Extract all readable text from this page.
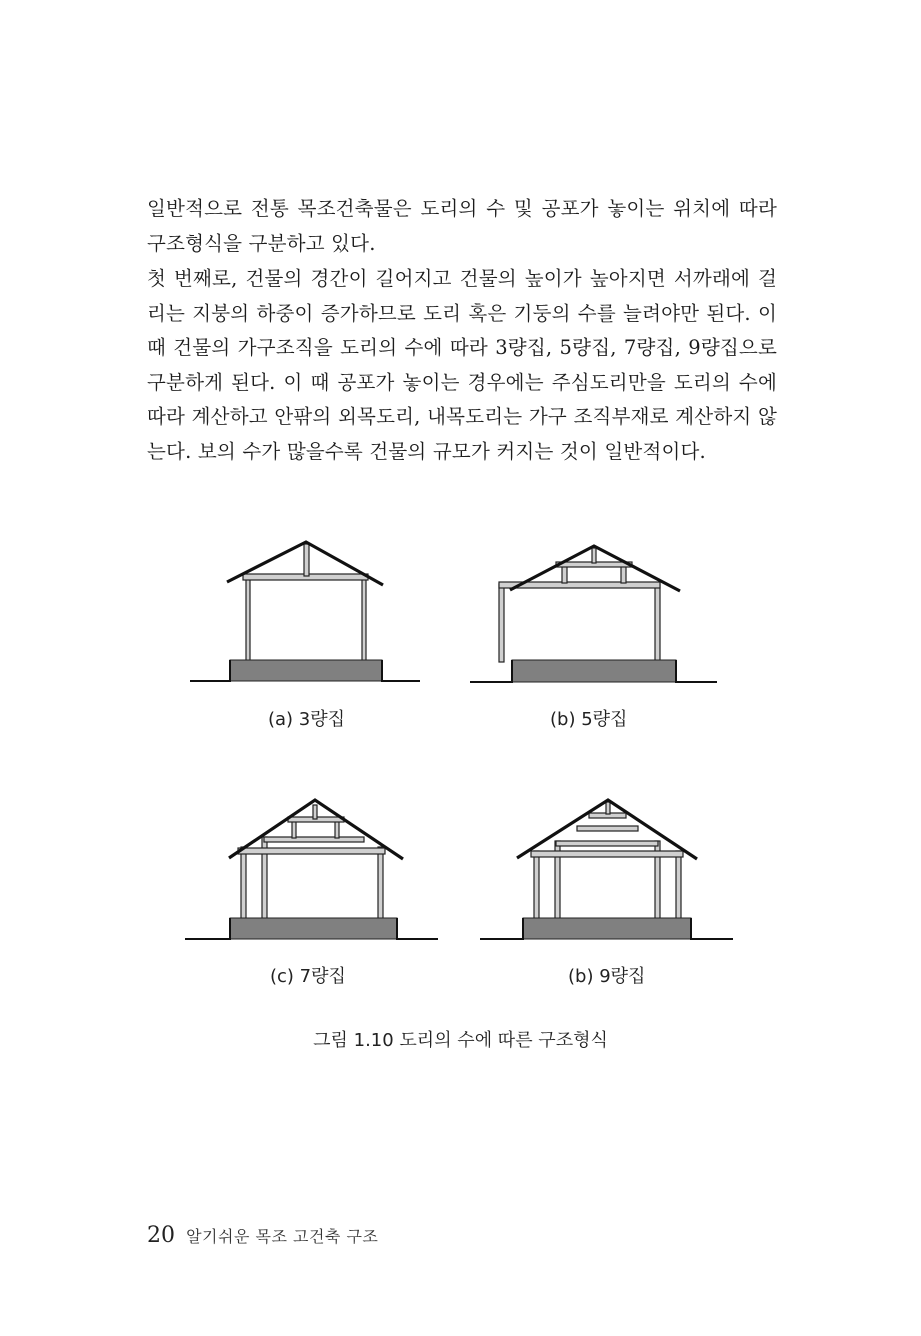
일반적으로 전통 목조건축물은 도리의 수 및 공포가 놓이는 위치에 따라 구조형식을 구분하고 있다.

첫 번째로, 건물의 경간이 길어지고 건물의 높이가 높아지면 서까래에 걸리는 지붕의 하중이 증가하므로 도리 혹은 기둥의 수를 늘려야만 된다. 이 때 건물의 가구조직을 도리의 수에 따라 3량집, 5량집, 7량집, 9량집으로 구분하게 된다. 이 때 공포가 놓이는 경우에는 주심도리만을 도리의 수에 따라 계산하고 안팎의 외목도리, 내목도리는 가구 조직부재로 계산하지 않는다. 보의 수가 많을수록 건물의 규모가 커지는 것이 일반적이다.

(a) 3량집	(b) 5량집
(c) 7량집	(b) 9량집
그림 1.10 도리의 수에 따른 구조형식
20 알기쉬운 목조 고건축 구조
